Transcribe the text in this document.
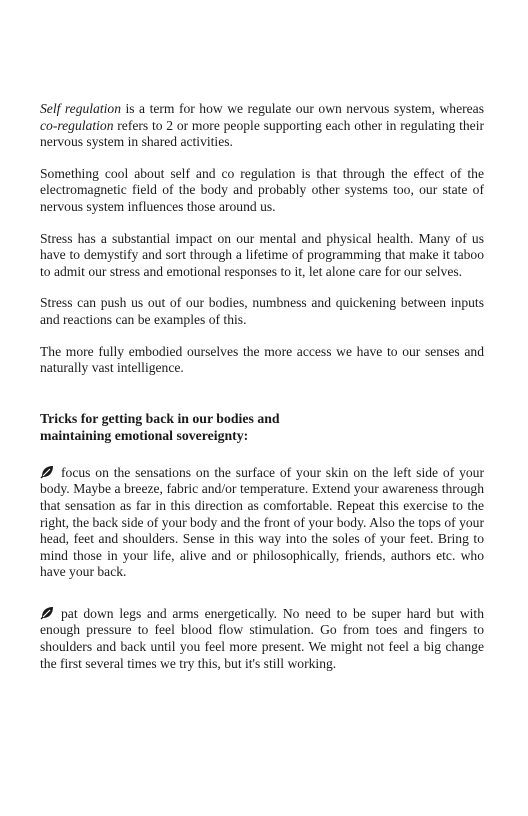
Self regulation is a term for how we regulate our own nervous system, whereas co-regulation refers to 2 or more people supporting each other in regulating their nervous system in shared activities.

Something cool about self and co regulation is that through the effect of the electromagnetic field of the body and probably other systems too, our state of nervous system influences those around us.

Stress has a substantial impact on our mental and physical health. Many of us have to demystify and sort through a lifetime of programming that make it taboo to admit our stress and emotional responses to it, let alone care for our selves.

Stress can push us out of our bodies, numbness and quickening between inputs and reactions can be examples of this.

The more fully embodied ourselves the more access we have to our senses and naturally vast intelligence.

Tricks for getting back in our bodies and
maintaining emotional sovereignty:

focus on the sensations on the surface of your skin on the left side of your body. Maybe a breeze, fabric and/or temperature. Extend your awareness through that sensation as far in this direction as comfortable. Repeat this exercise to the right, the back side of your body and the front of your body. Also the tops of your head, feet and shoulders. Sense in this way into the soles of your feet. Bring to mind those in your life, alive and or philosophically, friends, authors etc. who have your back.

pat down legs and arms energetically. No need to be super hard but with enough pressure to feel blood flow stimulation. Go from toes and fingers to shoulders and back until you feel more present. We might not feel a big change the first several times we try this, but it's still working.
